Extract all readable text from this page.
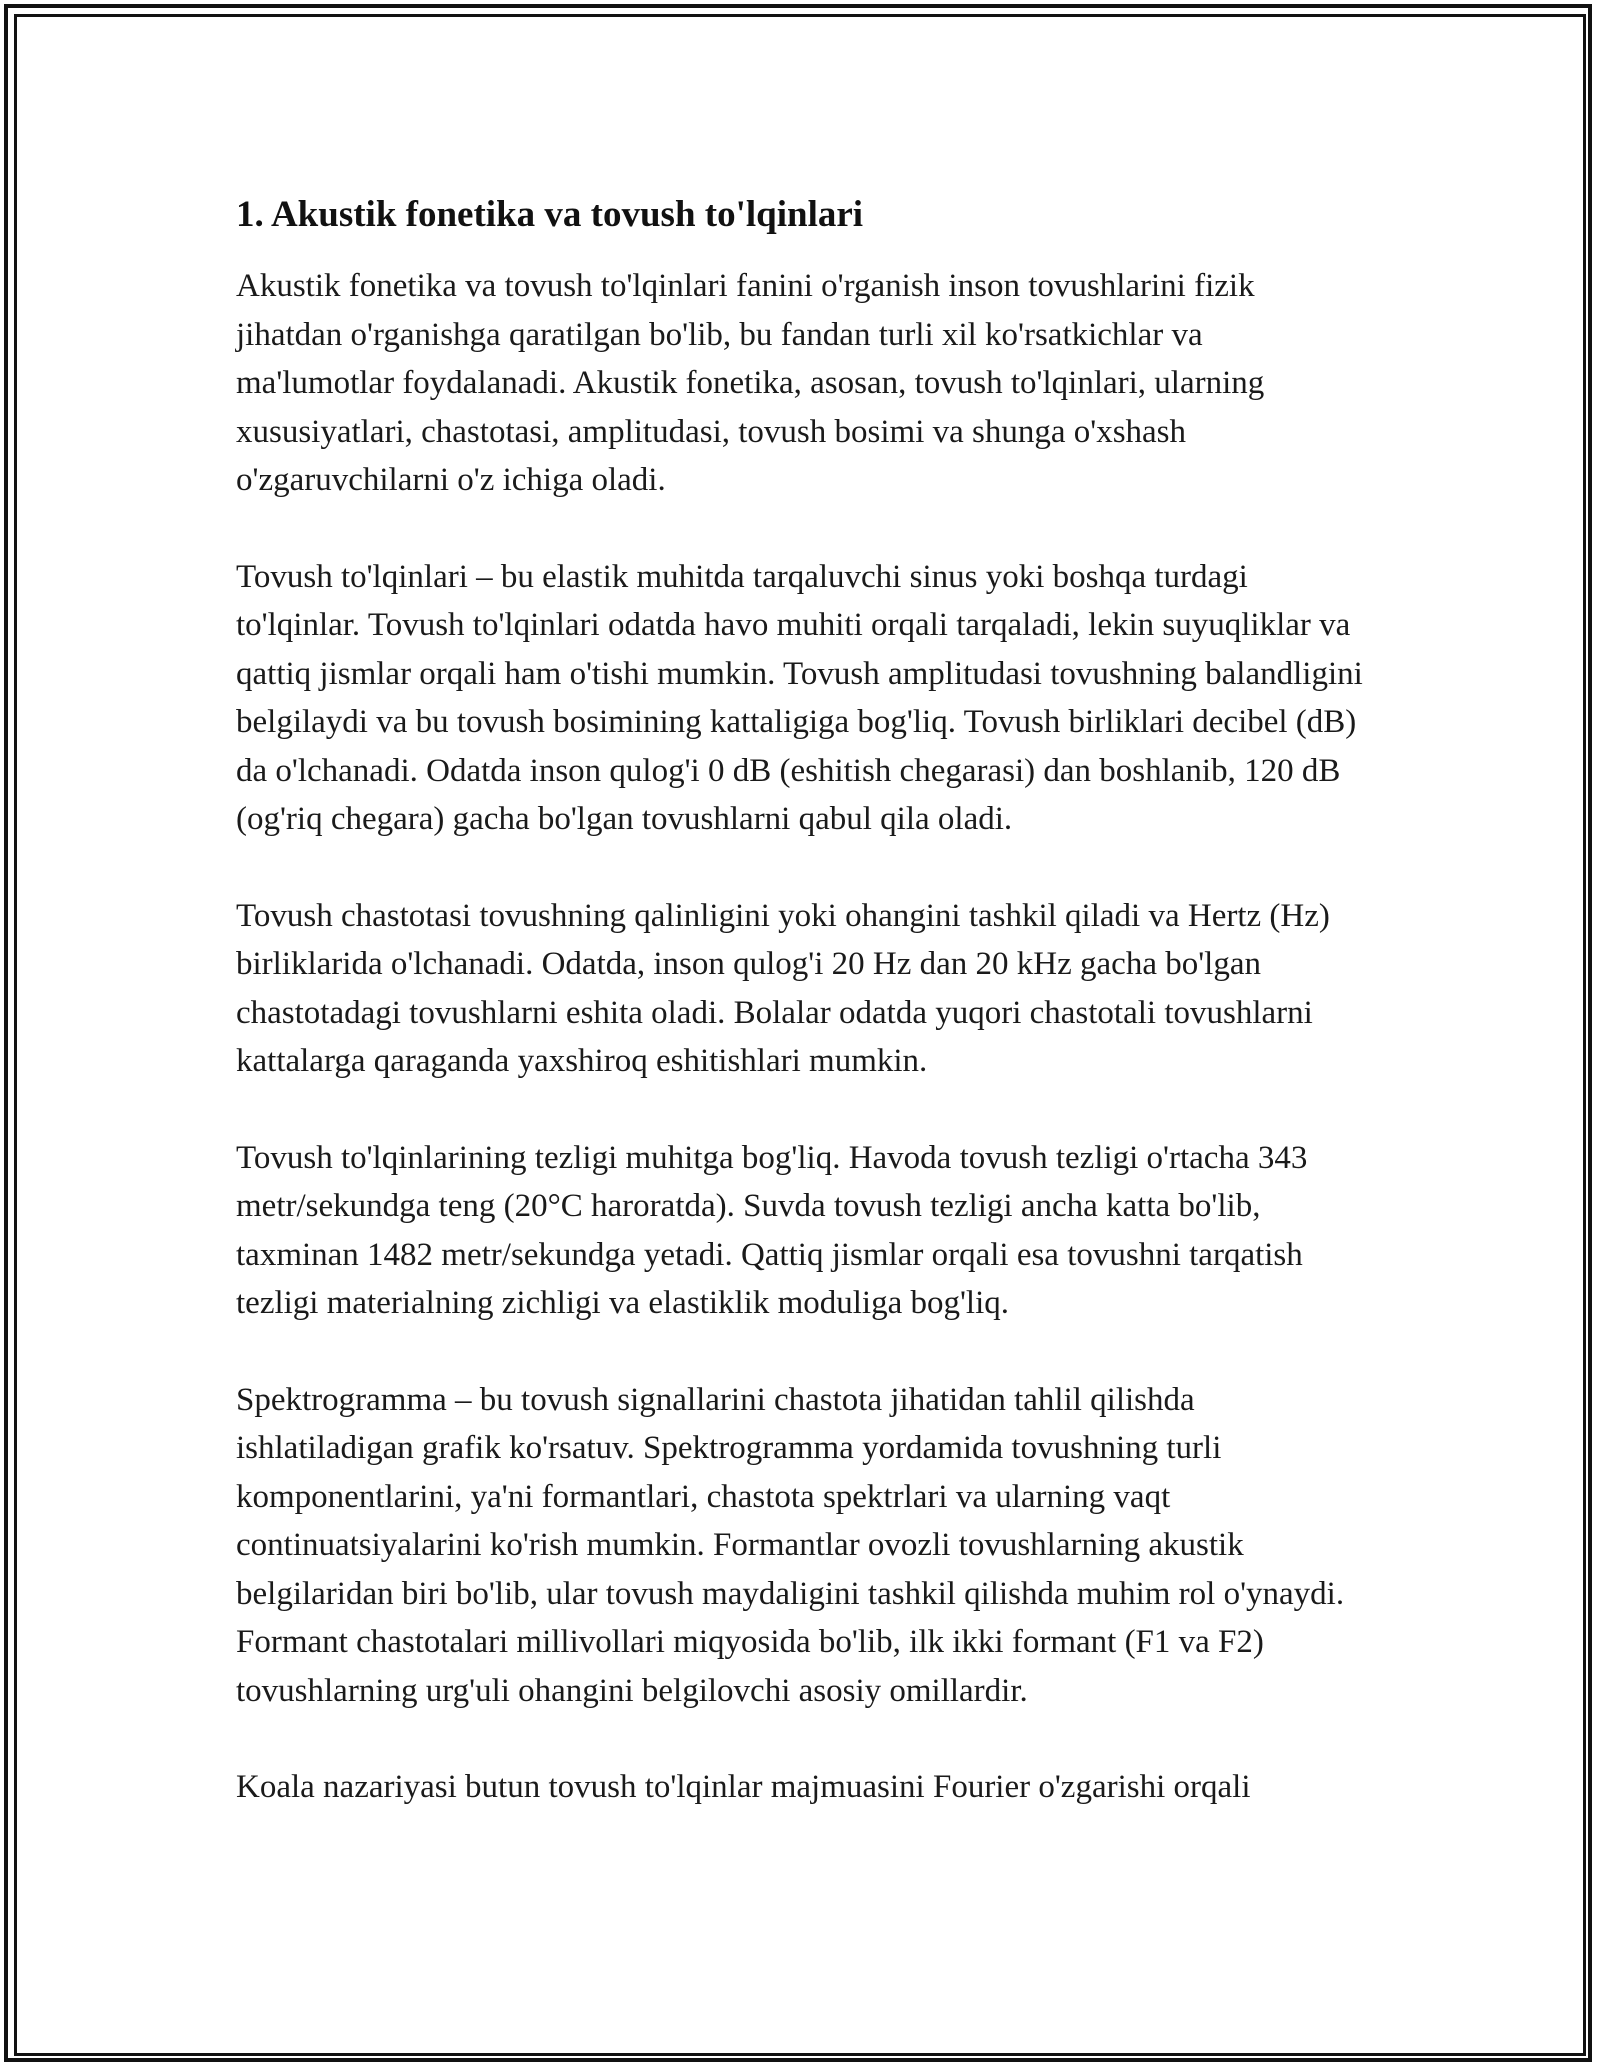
1. Akustik fonetika va tovush to'lqinlari

Akustik fonetika va tovush to'lqinlari fanini o'rganish inson tovushlarini fizik jihatdan o'rganishga qaratilgan bo'lib, bu fandan turli xil ko'rsatkichlar va ma'lumotlar foydalanadi. Akustik fonetika, asosan, tovush to'lqinlari, ularning xususiyatlari, chastotasi, amplitudasi, tovush bosimi va shunga o'xshash o'zgaruvchilarni o'z ichiga oladi.

Tovush to'lqinlari – bu elastik muhitda tarqaluvchi sinus yoki boshqa turdagi to'lqinlar. Tovush to'lqinlari odatda havo muhiti orqali tarqaladi, lekin suyuqliklar va qattiq jismlar orqali ham o'tishi mumkin. Tovush amplitudasi tovushning balandligini belgilaydi va bu tovush bosimining kattaligiga bog'liq. Tovush birliklari decibel (dB) da o'lchanadi. Odatda inson qulog'i 0 dB (eshitish chegarasi) dan boshlanib, 120 dB (og'riq chegara) gacha bo'lgan tovushlarni qabul qila oladi.

Tovush chastotasi tovushning qalinligini yoki ohangini tashkil qiladi va Hertz (Hz) birliklarida o'lchanadi. Odatda, inson qulog'i 20 Hz dan 20 kHz gacha bo'lgan chastotadagi tovushlarni eshita oladi. Bolalar odatda yuqori chastotali tovushlarni kattalarga qaraganda yaxshiroq eshitishlari mumkin.

Tovush to'lqinlarining tezligi muhitga bog'liq. Havoda tovush tezligi o'rtacha 343 metr/sekundga teng (20°C haroratda). Suvda tovush tezligi ancha katta bo'lib, taxminan 1482 metr/sekundga yetadi. Qattiq jismlar orqali esa tovushni tarqatish tezligi materialning zichligi va elastiklik moduliga bog'liq.

Spektrogramma – bu tovush signallarini chastota jihatidan tahlil qilishda ishlatiladigan grafik ko'rsatuv. Spektrogramma yordamida tovushning turli komponentlarini, ya'ni formantlari, chastota spektrlari va ularning vaqt continuatsiyalarini ko'rish mumkin. Formantlar ovozli tovushlarning akustik belgilaridan biri bo'lib, ular tovush maydaligini tashkil qilishda muhim rol o'ynaydi. Formant chastotalari millivollari miqyosida bo'lib, ilk ikki formant (F1 va F2) tovushlarning urg'uli ohangini belgilovchi asosiy omillardir.

Koala nazariyasi butun tovush to'lqinlar majmuasini Fourier o'zgarishi orqali
